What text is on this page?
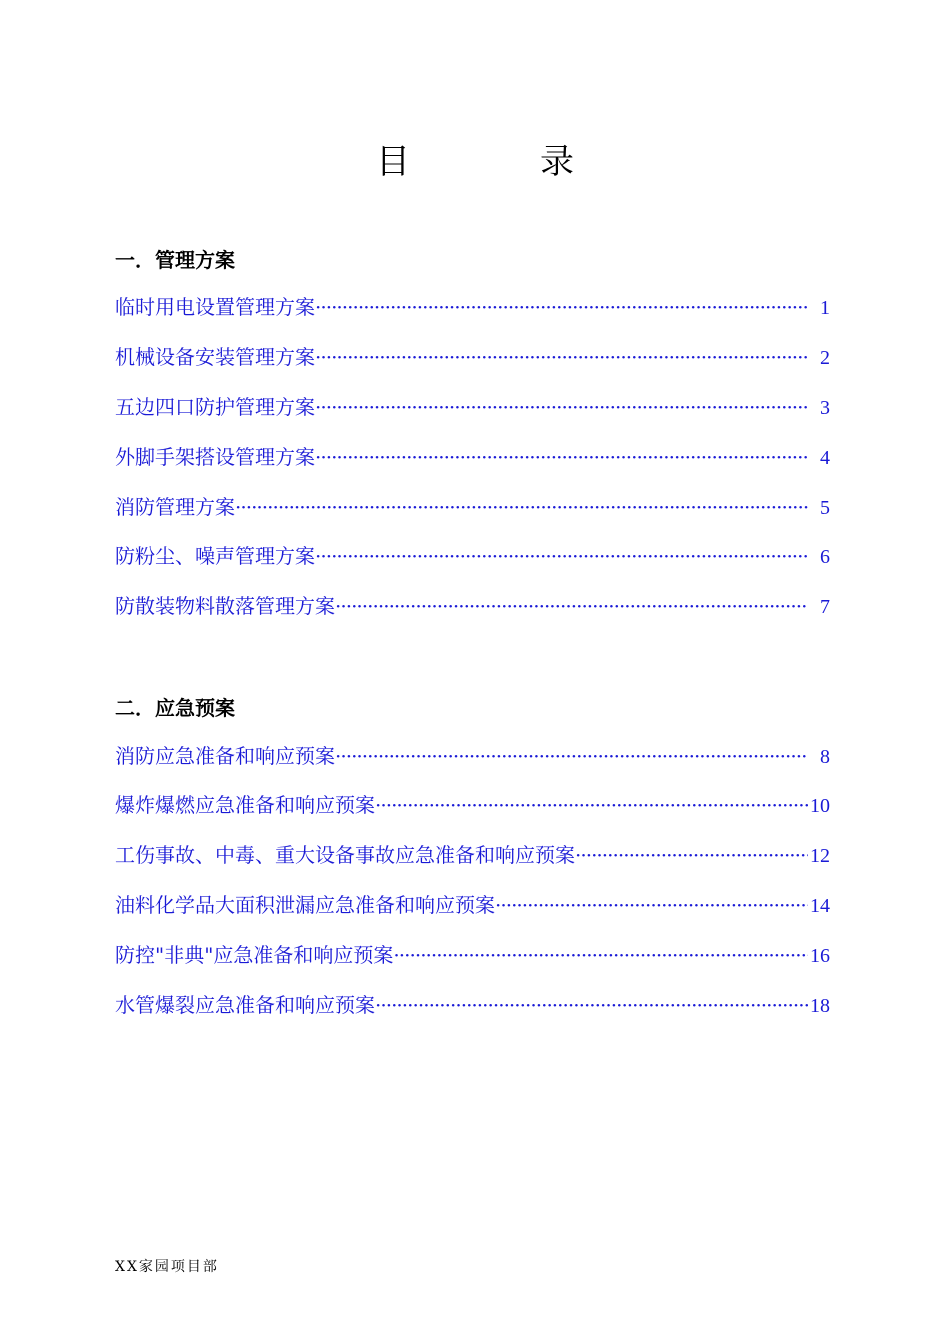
目　录
一．管理方案
临时用电设置管理方案 ·····	1
机械设备安装管理方案 ·····	2
五边四口防护管理方案 ·····	3
外脚手架搭设管理方案 ·····	4
消防管理方案 ·····	5
防粉尘、噪声管理方案 ·····	6
防散装物料散落管理方案 ·····	7
二．应急预案
消防应急准备和响应预案 ·····	8
爆炸爆燃应急准备和响应预案 ·····	10
工伤事故、中毒、重大设备事故应急准备和响应预案 ·····	12
油料化学品大面积泄漏应急准备和响应预案 ·····	14
防控"非典"应急准备和响应预案 ·····	16
水管爆裂应急准备和响应预案 ·····	18
XX家园项目部
